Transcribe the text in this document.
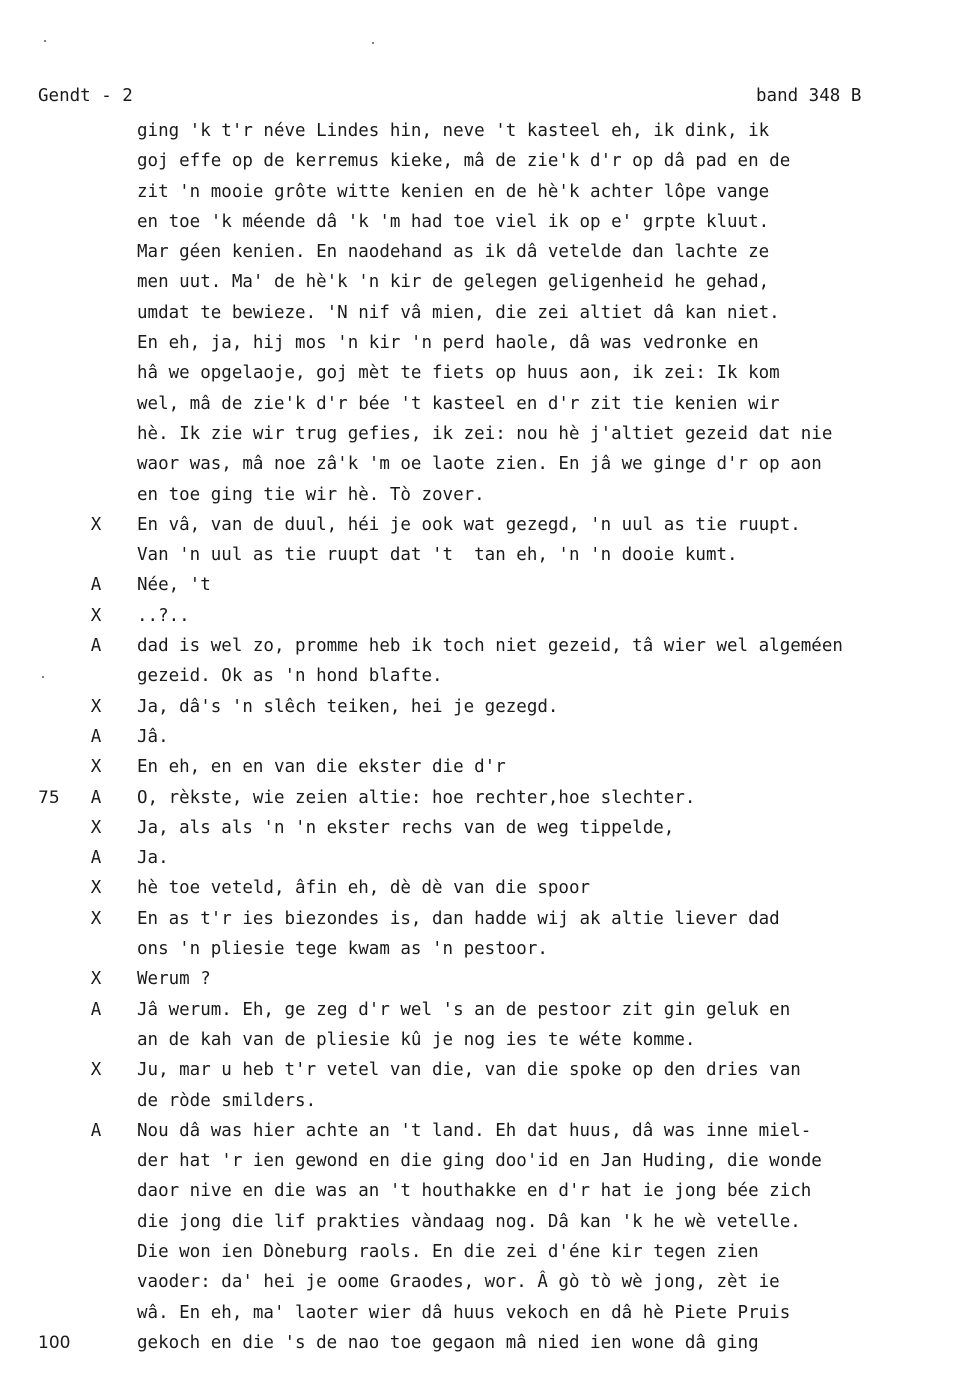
Gendt - 2	band 348 B
ging 'k t'r néve Lindes hin, neve 't kasteel eh, ik dink, ik
goj effe op de kerremus kieke, mâ de zie'k d'r op dâ pad en de
zit 'n mooie grôte witte kenien en de hè'k achter lôpe vange
en toe 'k méende dâ 'k 'm had toe viel ik op e' grpte kluut.
Mar géen kenien. En naodehand as ik dâ vetelde dan lachte ze
men uut. Ma' de hè'k 'n kir de gelegen geligenheid he gehad,
umdat te bewieze. 'N nif vâ mien, die zei altiet dâ kan niet.
En eh, ja, hij mos 'n kir 'n perd haole, dâ was vedronke en
hâ we opgelaoje, goj mèt te fiets op huus aon, ik zei: Ik kom
wel, mâ de zie'k d'r bée 't kasteel en d'r zit tie kenien wir
hè. Ik zie wir trug gefies, ik zei: nou hè j'altiet gezeid dat nie
waor was, mâ noe zâ'k 'm oe laote zien. En jâ we ginge d'r op aon
en toe ging tie wir hè. Tò zover.
X En vâ, van de duul, héi je ook wat gezegd, 'n uul as tie ruupt.
Van 'n uul as tie ruupt dat 't  tan eh, 'n 'n dooie kumt.
A Née, 't
X ..?..
A dad is wel zo, promme heb ik toch niet gezeid, tâ wier wel algeméen
gezeid. Ok as 'n hond blafte.
X Ja, dâ's 'n slêch teiken, hei je gezegd.
A Jâ.
X En eh, en en van die ekster die d'r
75 A O, rèkste, wie zeien altie: hoe rechter,hoe slechter.
X Ja, als als 'n 'n ekster rechs van de weg tippelde,
A Ja.
X hè toe veteld, âfin eh, dè dè van die spoor
X En as t'r ies biezondes is, dan hadde wij ak altie liever dad
ons 'n pliesie tege kwam as 'n pestoor.
X Werum ?
A Jâ werum. Eh, ge zeg d'r wel 's an de pestoor zit gin geluk en
an de kah van de pliesie kû je nog ies te wéte komme.
X Ju, mar u heb t'r vetel van die, van die spoke op den dries van
de ròde smilders.
A Nou dâ was hier achte an 't land. Eh dat huus, dâ was inne miel-
der hat 'r ien gewond en die ging doo'id en Jan Huding, die wonde
daor nive en die was an 't houthakke en d'r hat ie jong bée zich
die jong die lif prakties vàndaag nog. Dâ kan 'k he wè vetelle.
Die won ien Dòneburg raols. En die zei d'éne kir tegen zien
vaoder: da' hei je oome Graodes, wor. Â gò tò wè jong, zèt ie
wâ. En eh, ma' laoter wier dâ huus vekoch en dâ hè Piete Pruis
100	gekoch en die 's de nao toe gegaon mâ nied ien wone dâ ging
